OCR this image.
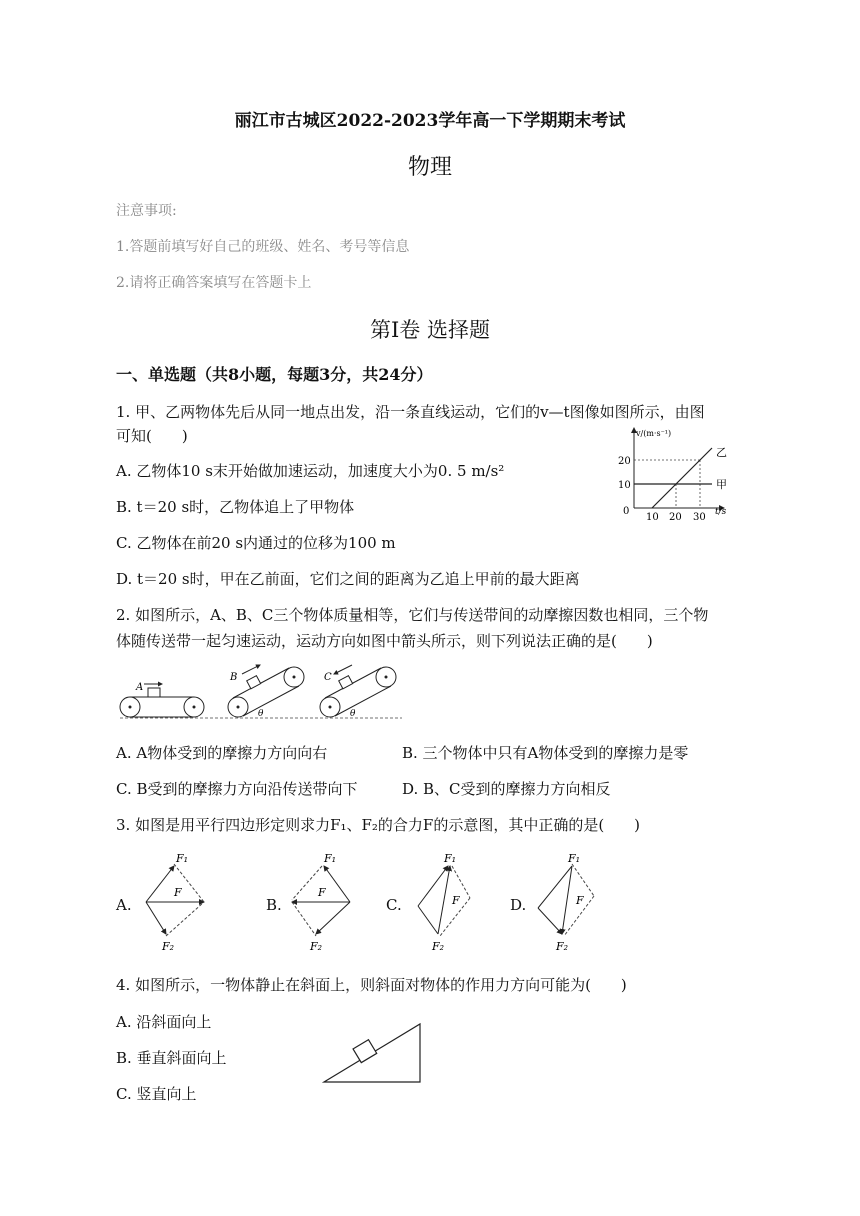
丽江市古城区2022-2023学年高一下学期期末考试
物理
注意事项:
1.答题前填写好自己的班级、姓名、考号等信息
2.请将正确答案填写在答题卡上
第Ⅰ卷 选择题
一、单选题（共8小题，每题3分，共24分）
1. 甲、乙两物体先后从同一地点出发，沿一条直线运动，它们的v—t图像如图所示，由图
可知(　　)
A. 乙物体10 s末开始做加速运动，加速度大小为0. 5 m/s²
B. t＝20 s时，乙物体追上了甲物体
C. 乙物体在前20 s内通过的位移为100 m
D. t＝20 s时，甲在乙前面，它们之间的距离为乙追上甲前的最大距离
v/(m·s⁻¹)
t/s
20
10
0
10 20 30
乙
甲
2. 如图所示，A、B、C三个物体质量相等，它们与传送带间的动摩擦因数也相同，三个物
体随传送带一起匀速运动，运动方向如图中箭头所示，则下列说法正确的是(　　)
A
B
θ
C
θ
A. A物体受到的摩擦力方向向右	B. 三个物体中只有A物体受到的摩擦力是零
C. B受到的摩擦力方向沿传送带向下	D. B、C受到的摩擦力方向相反
3. 如图是用平行四边形定则求力F₁、F₂的合力F的示意图，其中正确的是(　　)
A.	B.	C.	D.
F₁
F
F₂
F₁
F
F₂
F₁
F
F₂
F₁
F
F₂
4. 如图所示，一物体静止在斜面上，则斜面对物体的作用力方向可能为(　　)
A. 沿斜面向上
B. 垂直斜面向上
C. 竖直向上
